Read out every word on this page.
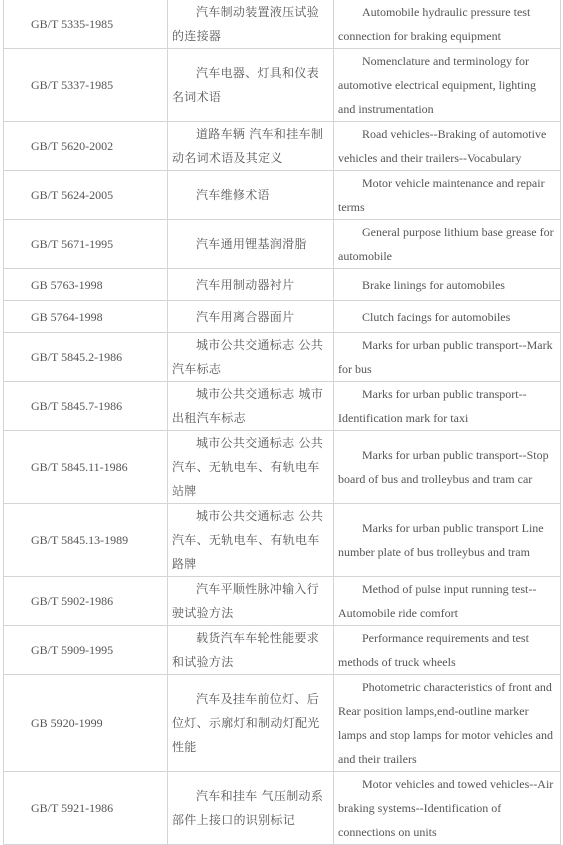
GB/T 5335-1985	汽车制动装置液压试验的连接器	Automobile hydraulic pressure test connection for braking equipment
GB/T 5337-1985	汽车电器、灯具和仪表名词术语	Nomenclature and terminology for automotive electrical equipment, lighting and instrumentation
GB/T 5620-2002	道路车辆 汽车和挂车制动名词术语及其定义	Road vehicles--Braking of automotive vehicles and their trailers--Vocabulary
GB/T 5624-2005	汽车维修术语	Motor vehicle maintenance and repair terms
GB/T 5671-1995	汽车通用锂基润滑脂	General purpose lithium base grease for automobile
GB 5763-1998	汽车用制动器衬片	Brake linings for automobiles
GB 5764-1998	汽车用离合器面片	Clutch facings for automobiles
GB/T 5845.2-1986	城市公共交通标志 公共汽车标志	Marks for urban public transport--Mark for bus
GB/T 5845.7-1986	城市公共交通标志 城市出租汽车标志	Marks for urban public transport--Identification mark for taxi
GB/T 5845.11-1986	城市公共交通标志 公共汽车、无轨电车、有轨电车站牌	Marks for urban public transport--Stop board of bus and trolleybus and tram car
GB/T 5845.13-1989	城市公共交通标志 公共汽车、无轨电车、有轨电车路牌	Marks for urban public transport Line number plate of bus trolleybus and tram
GB/T 5902-1986	汽车平顺性脉冲输入行驶试验方法	Method of pulse input running test--Automobile ride comfort
GB/T 5909-1995	载货汽车车轮性能要求和试验方法	Performance requirements and test methods of truck wheels
GB 5920-1999	汽车及挂车前位灯、后位灯、示廓灯和制动灯配光性能	Photometric characteristics of front and Rear position lamps,end-outline marker lamps and stop lamps for motor vehicles and and their trailers
GB/T 5921-1986	汽车和挂车 气压制动系部件上接口的识别标记	Motor vehicles and towed vehicles--Air braking systems--Identification of connections on units
